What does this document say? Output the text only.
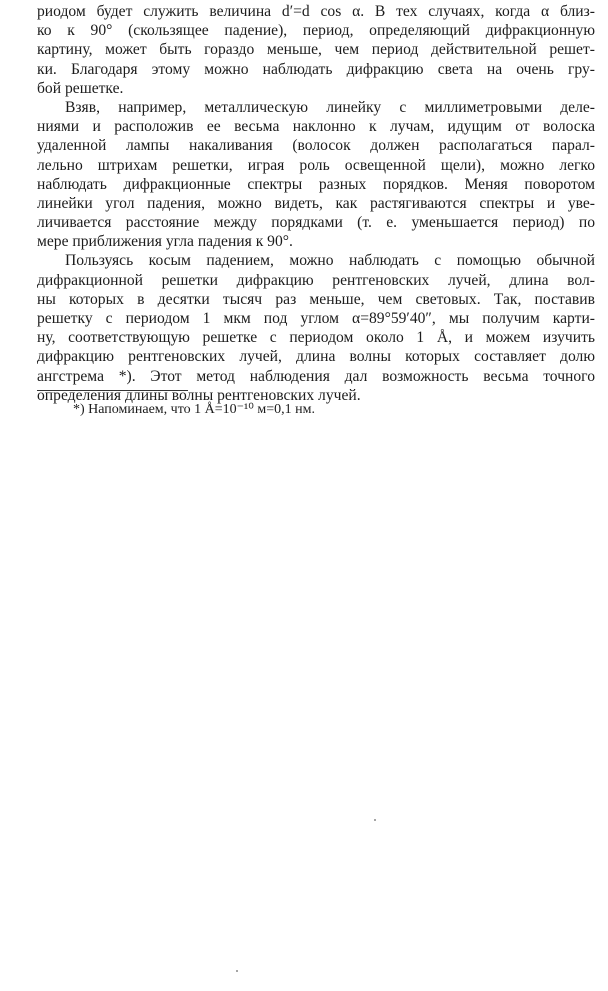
риодом будет служить величина d′=d cos α. В тех случаях, когда α близ-
ко к 90° (скользящее падение), период, определяющий дифракционную
картину, может быть гораздо меньше, чем период действительной решет-
ки. Благодаря этому можно наблюдать дифракцию света на очень гру-
бой решетке.
Взяв, например, металлическую линейку с миллиметровыми деле-
ниями и расположив ее весьма наклонно к лучам, идущим от волоска
удаленной лампы накаливания (волосок должен располагаться парал-
лельно штрихам решетки, играя роль освещенной щели), можно легко
наблюдать дифракционные спектры разных порядков. Меняя поворотом
линейки угол падения, можно видеть, как растягиваются спектры и уве-
личивается расстояние между порядками (т. е. уменьшается период) по
мере приближения угла падения к 90°.
Пользуясь косым падением, можно наблюдать с помощью обычной
дифракционной решетки дифракцию рентгеновских лучей, длина вол-
ны которых в десятки тысяч раз меньше, чем световых. Так, поставив
решетку с периодом 1 мкм под углом α=89°59′40″, мы получим карти-
ну, соответствующую решетке с периодом около 1 Å, и можем изучить
дифракцию рентгеновских лучей, длина волны которых составляет долю
ангстрема *). Этот метод наблюдения дал возможность весьма точного
определения длины волны рентгеновских лучей.
*) Напоминаем, что 1 Å=10⁻¹⁰ м=0,1 нм.
